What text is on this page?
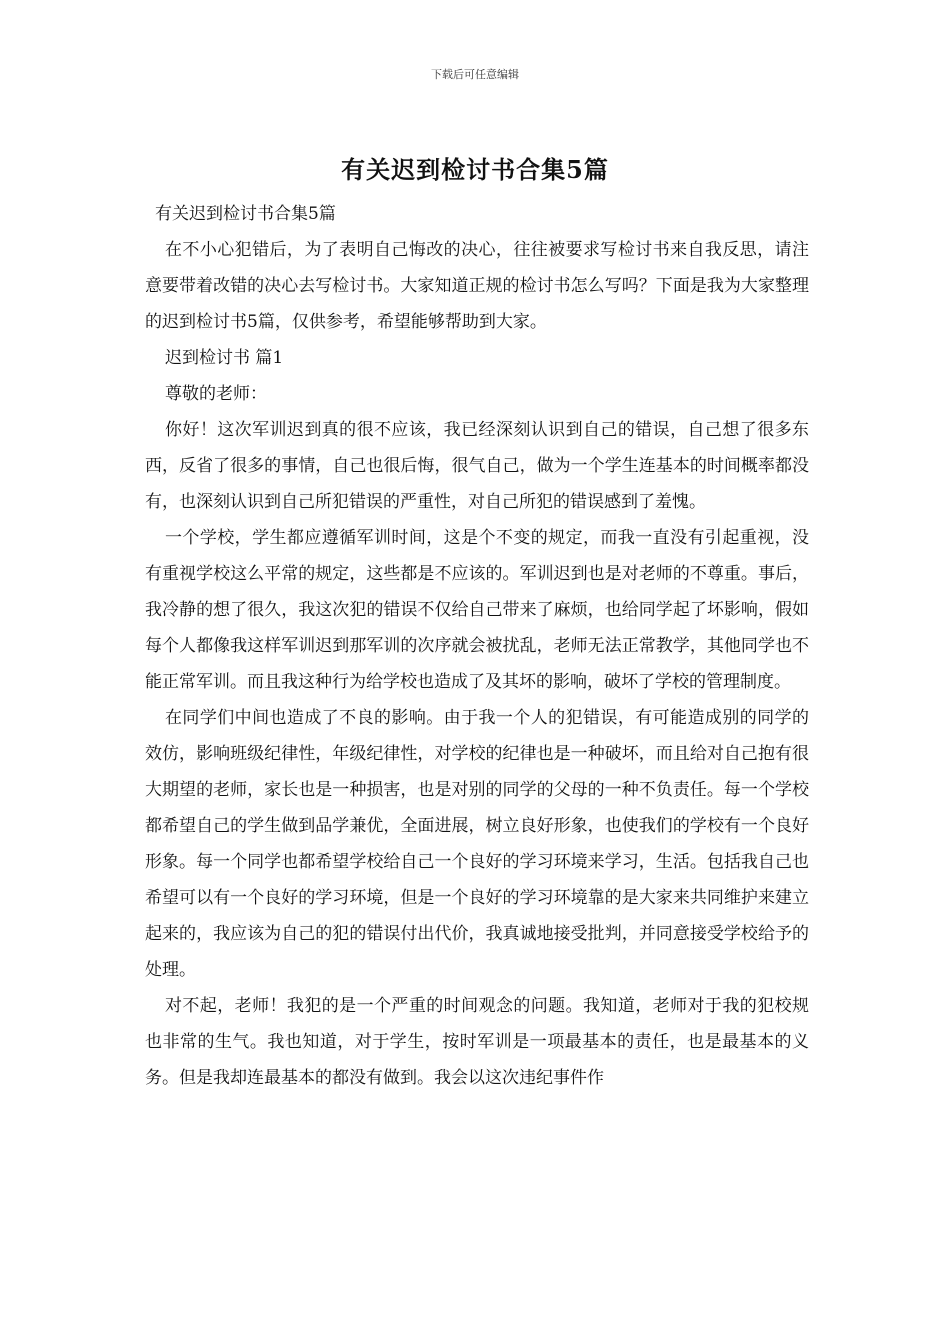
下载后可任意编辑
有关迟到检讨书合集5篇

有关迟到检讨书合集5篇

在不小心犯错后，为了表明自己悔改的决心，往往被要求写检讨书来自我反思，请注意要带着改错的决心去写检讨书。大家知道正规的检讨书怎么写吗？下面是我为大家整理的迟到检讨书5篇，仅供参考，希望能够帮助到大家。

迟到检讨书 篇1

尊敬的老师：

你好！这次军训迟到真的很不应该，我已经深刻认识到自己的错误，自己想了很多东西，反省了很多的事情，自己也很后悔，很气自己，做为一个学生连基本的时间概率都没有，也深刻认识到自己所犯错误的严重性，对自己所犯的错误感到了羞愧。

一个学校，学生都应遵循军训时间，这是个不变的规定，而我一直没有引起重视，没有重视学校这么平常的规定，这些都是不应该的。军训迟到也是对老师的不尊重。事后，我冷静的想了很久，我这次犯的错误不仅给自己带来了麻烦，也给同学起了坏影响，假如每个人都像我这样军训迟到那军训的次序就会被扰乱，老师无法正常教学，其他同学也不能正常军训。而且我这种行为给学校也造成了及其坏的影响，破坏了学校的管理制度。

在同学们中间也造成了不良的影响。由于我一个人的犯错误，有可能造成别的同学的效仿，影响班级纪律性，年级纪律性，对学校的纪律也是一种破坏，而且给对自己抱有很大期望的老师，家长也是一种损害，也是对别的同学的父母的一种不负责任。每一个学校都希望自己的学生做到品学兼优，全面进展，树立良好形象，也使我们的学校有一个良好形象。每一个同学也都希望学校给自己一个良好的学习环境来学习，生活。包括我自己也希望可以有一个良好的学习环境，但是一个良好的学习环境靠的是大家来共同维护来建立起来的，我应该为自己的犯的错误付出代价，我真诚地接受批判，并同意接受学校给予的处理。

对不起，老师！我犯的是一个严重的时间观念的问题。我知道，老师对于我的犯校规也非常的生气。我也知道，对于学生，按时军训是一项最基本的责任，也是最基本的义务。但是我却连最基本的都没有做到。我会以这次违纪事件作
